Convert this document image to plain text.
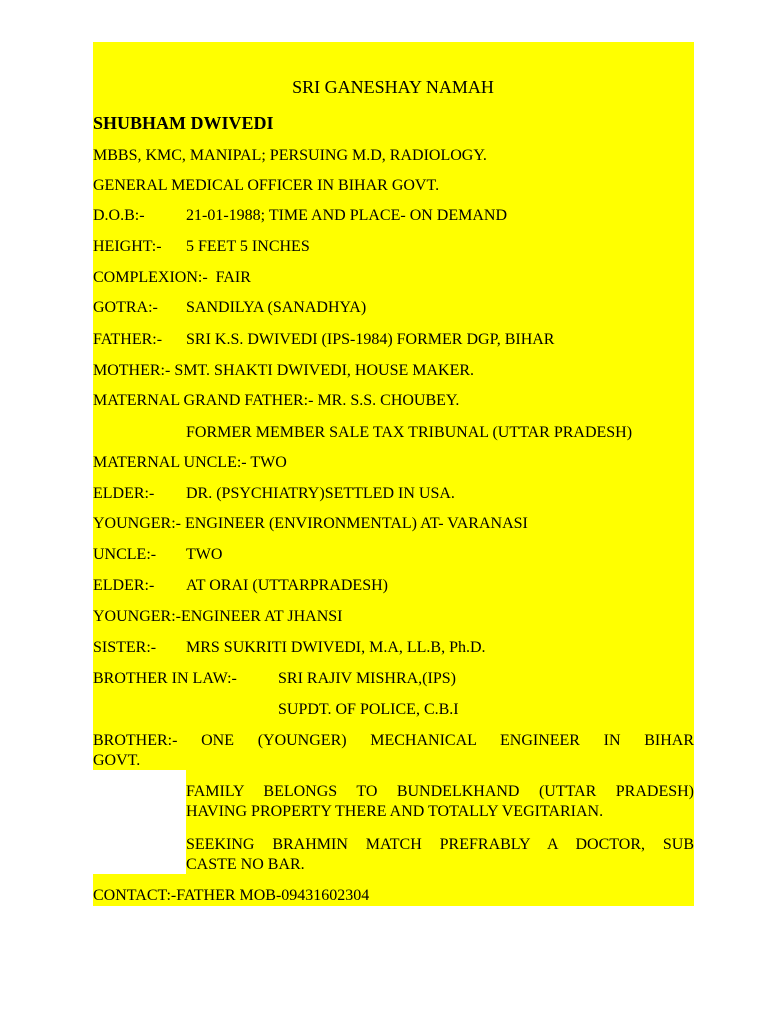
SRI GANESHAY NAMAH
SHUBHAM DWIVEDI
MBBS, KMC, MANIPAL; PERSUING M.D, RADIOLOGY.
GENERAL MEDICAL OFFICER IN BIHAR GOVT.
D.O.B:-	21-01-1988; TIME AND PLACE- ON DEMAND
HEIGHT:- 5 FEET 5 INCHES
COMPLEXION:-  FAIR
GOTRA:- SANDILYA (SANADHYA)
FATHER:- SRI K.S. DWIVEDI (IPS-1984) FORMER DGP, BIHAR
MOTHER:- SMT. SHAKTI DWIVEDI, HOUSE MAKER.
MATERNAL GRAND FATHER:- MR. S.S. CHOUBEY.
FORMER MEMBER SALE TAX TRIBUNAL (UTTAR PRADESH)
MATERNAL UNCLE:- TWO
ELDER:- DR. (PSYCHIATRY)SETTLED IN USA.
YOUNGER:- ENGINEER (ENVIRONMENTAL) AT- VARANASI
UNCLE:- TWO
ELDER:- AT ORAI (UTTARPRADESH)
YOUNGER:-ENGINEER AT JHANSI
SISTER:- MRS SUKRITI DWIVEDI, M.A, LL.B, Ph.D.
BROTHER IN LAW:-	SRI RAJIV MISHRA,(IPS)
SUPDT. OF POLICE, C.B.I
BROTHER:- ONE (YOUNGER) MECHANICAL ENGINEER IN BIHAR
GOVT.
FAMILY BELONGS TO BUNDELKHAND (UTTAR PRADESH)
HAVING PROPERTY THERE AND TOTALLY VEGITARIAN.
SEEKING BRAHMIN MATCH PREFRABLY A DOCTOR, SUB
CASTE NO BAR.
CONTACT:-FATHER MOB-09431602304
